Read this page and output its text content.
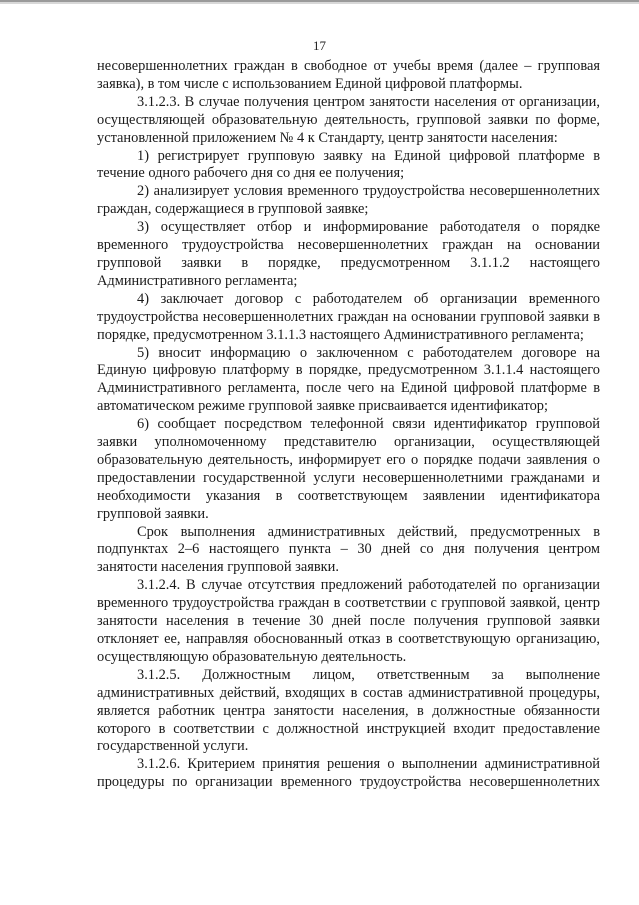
17

несовершеннолетних граждан в свободное от учебы время (далее – групповая заявка), в том числе с использованием Единой цифровой платформы.

3.1.2.3. В случае получения центром занятости населения от организации, осуществляющей образовательную деятельность, групповой заявки по форме, установленной приложением № 4 к Стандарту, центр занятости населения:

1) регистрирует групповую заявку на Единой цифровой платформе в течение одного рабочего дня со дня ее получения;

2) анализирует условия временного трудоустройства несовершеннолетних граждан, содержащиеся в групповой заявке;

3) осуществляет отбор и информирование работодателя о порядке временного трудоустройства несовершеннолетних граждан на основании групповой заявки в порядке, предусмотренном 3.1.1.2 настоящего Административного регламента;

4) заключает договор с работодателем об организации временного трудоустройства несовершеннолетних граждан на основании групповой заявки в порядке, предусмотренном 3.1.1.3 настоящего Административного регламента;

5) вносит информацию о заключенном с работодателем договоре на Единую цифровую платформу в порядке, предусмотренном 3.1.1.4 настоящего Административного регламента, после чего на Единой цифровой платформе в автоматическом режиме групповой заявке присваивается идентификатор;

6) сообщает посредством телефонной связи идентификатор групповой заявки уполномоченному представителю организации, осуществляющей образовательную деятельность, информирует его о порядке подачи заявления о предоставлении государственной услуги несовершеннолетними гражданами и необходимости указания в соответствующем заявлении идентификатора групповой заявки.

Срок выполнения административных действий, предусмотренных в подпунктах 2–6 настоящего пункта – 30 дней со дня получения центром занятости населения групповой заявки.

3.1.2.4. В случае отсутствия предложений работодателей по организации временного трудоустройства граждан в соответствии с групповой заявкой, центр занятости населения в течение 30 дней после получения групповой заявки отклоняет ее, направляя обоснованный отказ в соответствующую организацию, осуществляющую образовательную деятельность.

3.1.2.5. Должностным лицом, ответственным за выполнение административных действий, входящих в состав административной процедуры, является работник центра занятости населения, в должностные обязанности которого в соответствии с должностной инструкцией входит предоставление государственной услуги.

3.1.2.6. Критерием принятия решения о выполнении административной процедуры по организации временного трудоустройства несовершеннолетних
